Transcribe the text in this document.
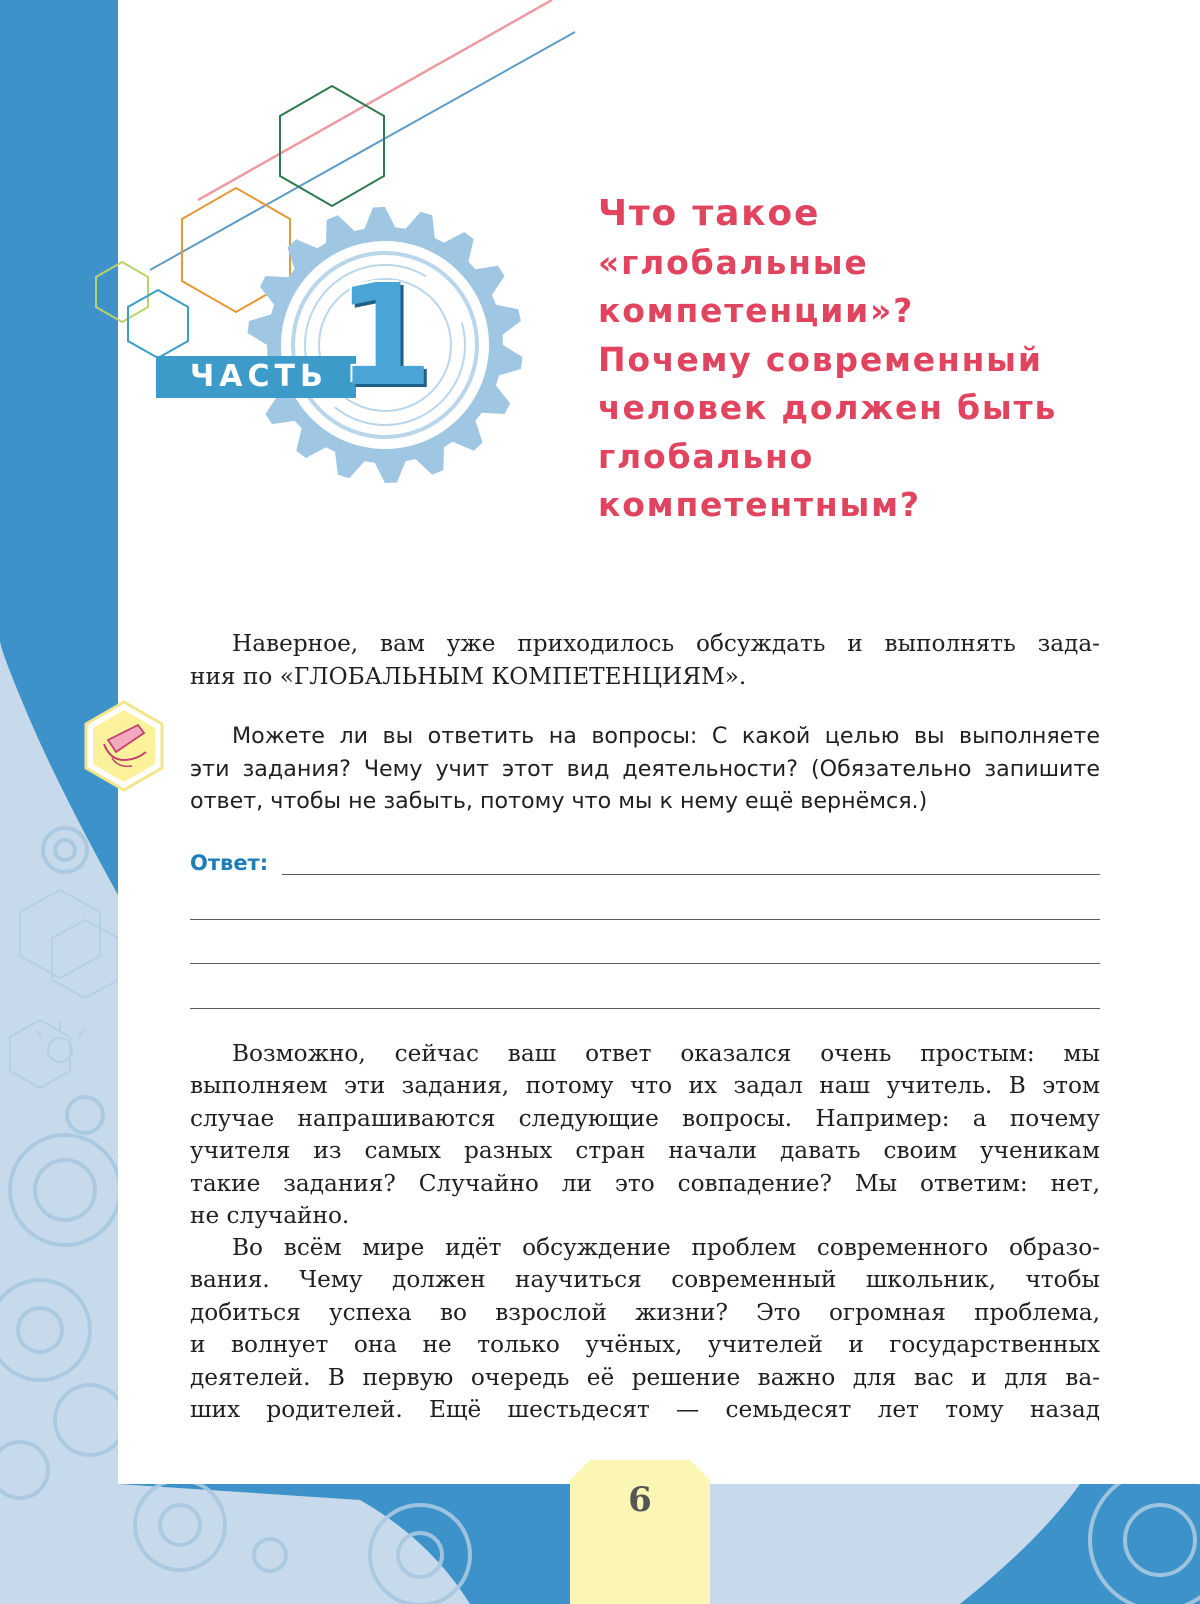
ЧАСТЬ 1
Что такое
«глобальные
компетенции»?
Почему современный
человек должен быть
глобально
компетентным?
Наверное, вам уже приходилось обсуждать и выполнять зада-
ния по «ГЛОБАЛЬНЫМ КОМПЕТЕНЦИЯМ».
Можете ли вы ответить на вопросы: С какой целью вы выполняете
эти задания? Чему учит этот вид деятельности? (Обязательно запишите
ответ, чтобы не забыть, потому что мы к нему ещё вернёмся.)
Ответ:
Возможно, сейчас ваш ответ оказался очень простым: мы
выполняем эти задания, потому что их задал наш учитель. В этом
случае напрашиваются следующие вопросы. Например: а почему
учителя из самых разных стран начали давать своим ученикам
такие задания? Случайно ли это совпадение? Мы ответим: нет,
не случайно.
Во всём мире идёт обсуждение проблем современного образо-
вания. Чему должен научиться современный школьник, чтобы
добиться успеха во взрослой жизни? Это огромная проблема,
и волнует она не только учёных, учителей и государственных
деятелей. В первую очередь её решение важно для вас и для ва-
ших родителей. Ещё шестьдесят — семьдесят лет тому назад
6
